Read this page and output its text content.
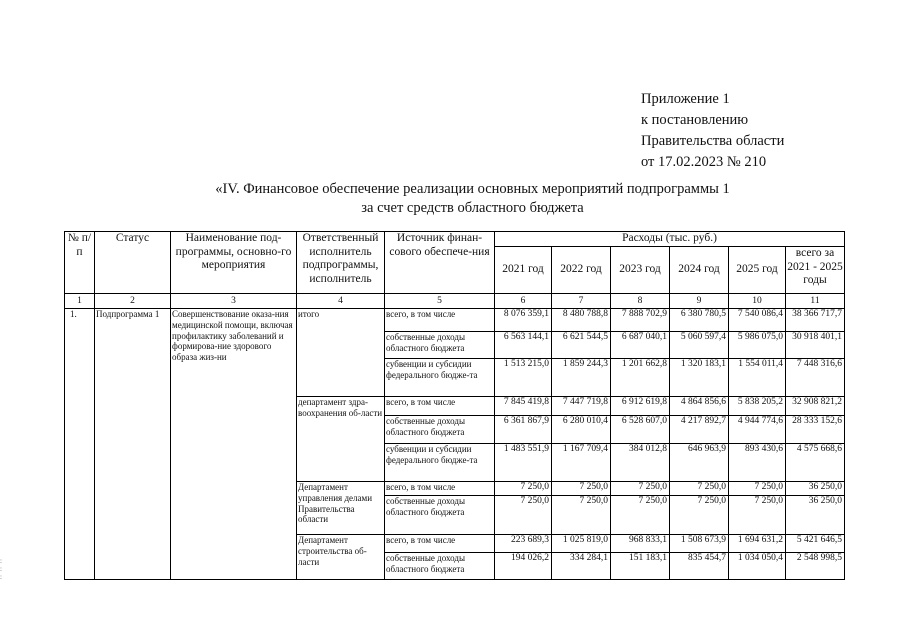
Приложение 1
к постановлению
Правительства области
от 17.02.2023 № 210
«IV. Финансовое обеспечение реализации основных мероприятий подпрограммы 1
за счет средств областного бюджета
№ п/п	Статус	Наименование под-программы, основно-го мероприятия	Ответственный исполнитель подпрограммы, исполнитель	Источник финан-сового обеспече-ния	Расходы (тыс. руб.)					
					2021 год	2022 год	2023 год	2024 год	2025 год	всего за 2021 - 2025 годы
1	2	3	4	5	6	7	8	9	10	11
1.	Подпрограмма 1	Совершенствование оказа-ния медицинской помощи, включая профилактику заболеваний и формирова-ние здорового образа жиз-ни	итого	всего, в том числе	8 076 359,1	8 480 788,8	7 888 702,9	6 380 780,5	7 540 086,4	38 366 717,7
				собственные доходы областного бюджета	6 563 144,1	6 621 544,5	6 687 040,1	5 060 597,4	5 986 075,0	30 918 401,1
				субвенции и субсидии федерального бюдже-та	1 513 215,0	1 859 244,3	1 201 662,8	1 320 183,1	1 554 011,4	7 448 316,6
			департамент здра-воохранения об-ласти	всего, в том числе	7 845 419,8	7 447 719,8	6 912 619,8	4 864 856,6	5 838 205,2	32 908 821,2
				собственные доходы областного бюджета	6 361 867,9	6 280 010,4	6 528 607,0	4 217 892,7	4 944 774,6	28 333 152,6
				субвенции и субсидии федерального бюдже-та	1 483 551,9	1 167 709,4	384 012,8	646 963,9	893 430,6	4 575 668,6
			Департамент управления делами Правительства области	всего, в том числе	7 250,0	7 250,0	7 250,0	7 250,0	7 250,0	36 250,0
				собственные доходы областного бюджета	7 250,0	7 250,0	7 250,0	7 250,0	7 250,0	36 250,0
			Департамент строительства об-ласти	всего, в том числе	223 689,3	1 025 819,0	968 833,1	1 508 673,9	1 694 631,2	5 421 646,5
				собственные доходы областного бюджета	194 026,2	334 284,1	151 183,1	835 454,7	1 034 050,4	2 548 998,5
:
:
:
